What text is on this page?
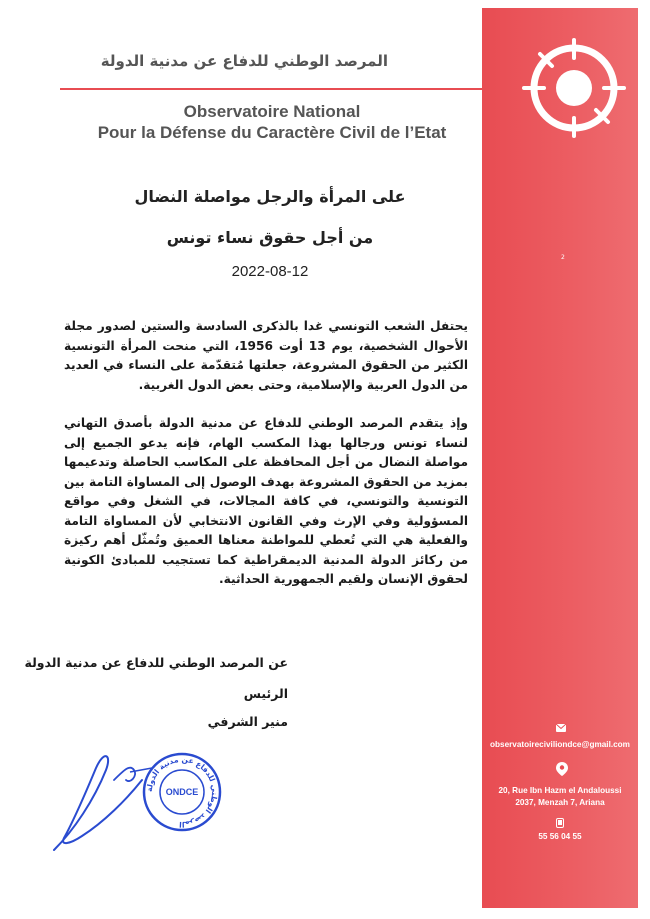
المرصد الوطني للدفاع عن مدنية الدولة
Observatoire National
Pour la Défense du Caractère Civil de l’Etat
على المرأة والرجل مواصلة النضال
من أجل حقوق نساء تونس
2022-08-12
يحتفل الشعب التونسي غدا بالذكرى السادسة والستين لصدور مجلة الأحوال الشخصية، يوم 13 أوت 1956، التي منحت المرأة التونسية الكثير من الحقوق المشروعة، جعلتها مُتقدّمة على النساء في العديد من الدول العربية والإسلامية، وحتى بعض الدول الغربية.
وإذ يتقدم المرصد الوطني للدفاع عن مدنية الدولة بأصدق التهاني لنساء تونس ورجالها بهذا المكسب الهام، فإنه يدعو الجميع إلى مواصلة النضال من أجل المحافظة على المكاسب الحاصلة وتدعيمها بمزيد من الحقوق المشروعة بهدف الوصول إلى المساواة التامة بين التونسية والتونسي، في كافة المجالات، في الشغل وفي مواقع المسؤولية وفي الإرث وفي القانون الانتخابي لأن المساواة التامة والفعلية هي التي تُعطي للمواطنة معناها العميق وتُمثّل أهم ركيزة من ركائز الدولة المدنية الديمقراطية كما تستجيب للمبادئ الكونية لحقوق الإنسان ولقيم الجمهورية الحداثية.
عن المرصد الوطني للدفاع عن مدنية الدولة
الرئيس
منير الشرفي
المرصد الوطني للدفاع عن مدنية الدولة
ONDCE
2
observatoireciviliondce@gmail.com
20, Rue Ibn Hazm el Andaloussi
2037, Menzah 7, Ariana
55 56 04 55
